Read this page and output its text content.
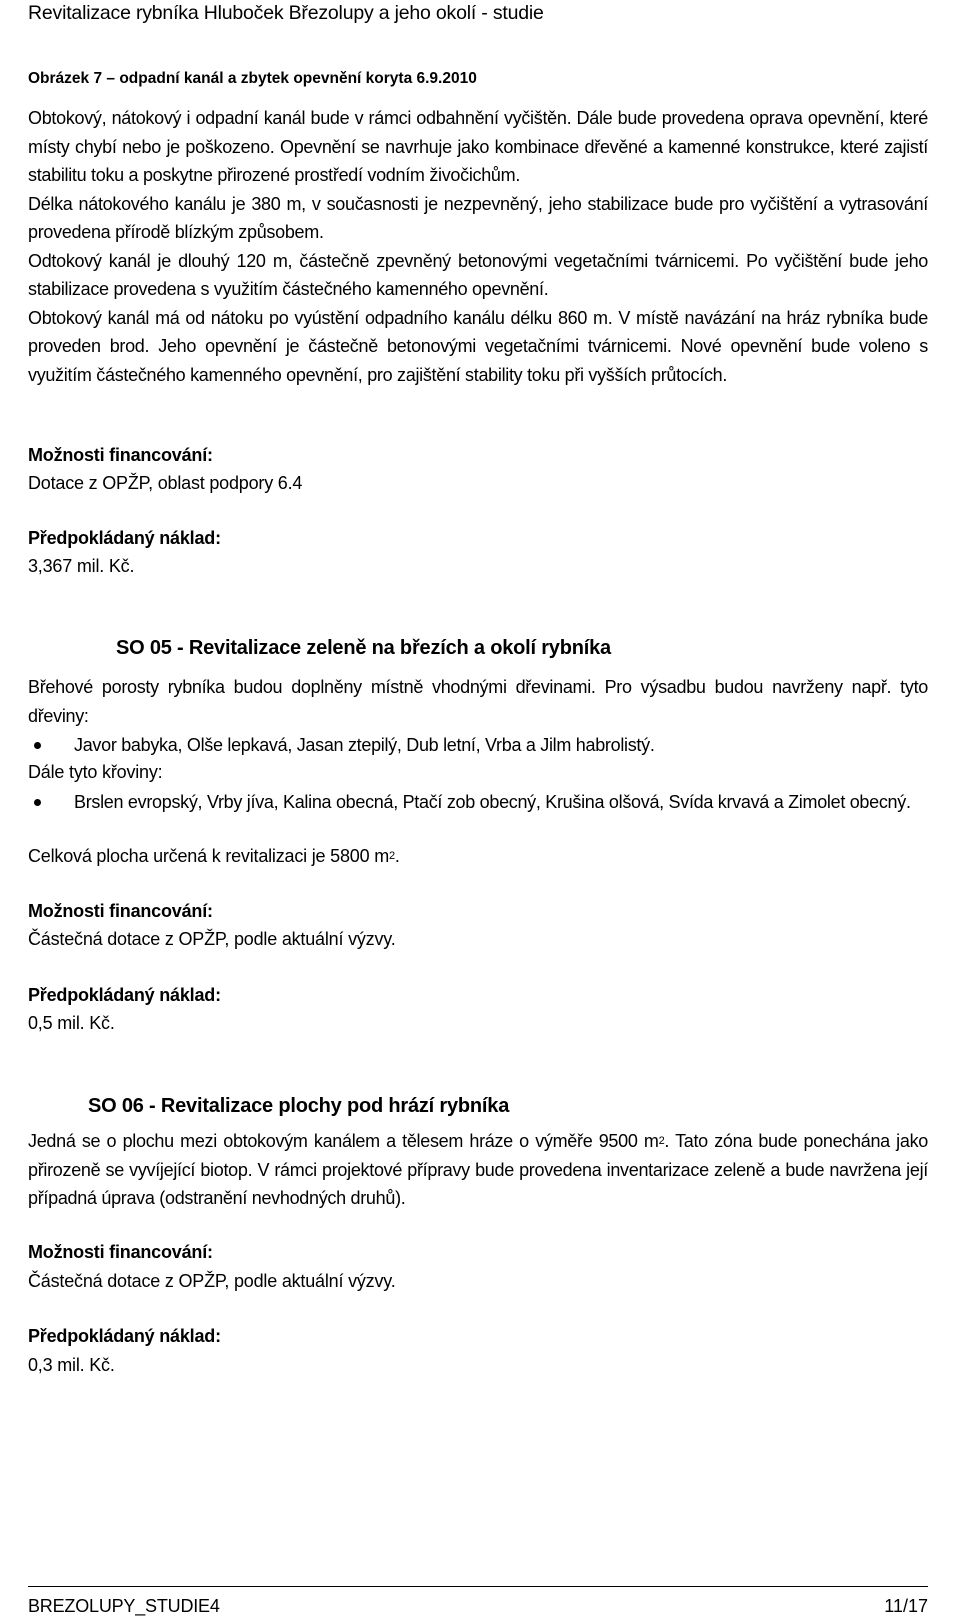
Revitalizace rybníka Hluboček Březolupy a jeho okolí - studie
Obrázek 7 – odpadní kanál a zbytek opevnění koryta 6.9.2010

Obtokový, nátokový i odpadní kanál bude v rámci odbahnění vyčištěn. Dále bude provedena oprava opevnění, které místy chybí nebo je poškozeno. Opevnění se navrhuje jako kombinace dřevěné a kamenné konstrukce, které zajistí stabilitu toku a poskytne přirozené prostředí vodním živočichům.

Délka nátokového kanálu je 380 m, v současnosti je nezpevněný, jeho stabilizace bude pro vyčištění a vytrasování provedena přírodě blízkým způsobem.

Odtokový kanál je dlouhý 120 m, částečně zpevněný betonovými vegetačními tvárnicemi. Po vyčištění bude jeho stabilizace provedena s využitím částečného kamenného opevnění.

Obtokový kanál má od nátoku po vyústění odpadního kanálu délku 860 m. V místě navázání na hráz rybníka bude proveden brod. Jeho opevnění je částečně betonovými vegetačními tvárnicemi. Nové opevnění bude voleno s využitím částečného kamenného opevnění, pro zajištění stability toku při vyšších průtocích.

Možnosti financování:
Dotace z OPŽP, oblast podpory 6.4
Předpokládaný náklad:
3,367 mil. Kč.
SO 05 - Revitalizace zeleně na březích a okolí rybníka

Břehové porosty rybníka budou doplněny místně vhodnými dřevinami. Pro výsadbu budou navrženy např. tyto dřeviny:

Javor babyka, Olše lepkavá, Jasan ztepilý, Dub letní, Vrba a Jilm habrolistý.
Dále tyto křoviny:
Brslen evropský, Vrby jíva, Kalina obecná, Ptačí zob obecný, Krušina olšová, Svída krvavá a Zimolet obecný.
Celková plocha určená k revitalizaci je 5800 $m^2$.
Možnosti financování:
Částečná dotace z OPŽP, podle aktuální výzvy.
Předpokládaný náklad:
0,5 mil. Kč.
SO 06 - Revitalizace plochy pod hrází rybníka

Jedná se o plochu mezi obtokovým kanálem a tělesem hráze o výměře 9500 $m^2$. Tato zóna bude ponechána jako přirozeně se vyvíjející biotop. V rámci projektové přípravy bude provedena inventarizace zeleně a bude navržena její případná úprava (odstranění nevhodných druhů).

Možnosti financování:
Částečná dotace z OPŽP, podle aktuální výzvy.
Předpokládaný náklad:
0,3 mil. Kč.
BREZOLUPY_STUDIE4	11/17
